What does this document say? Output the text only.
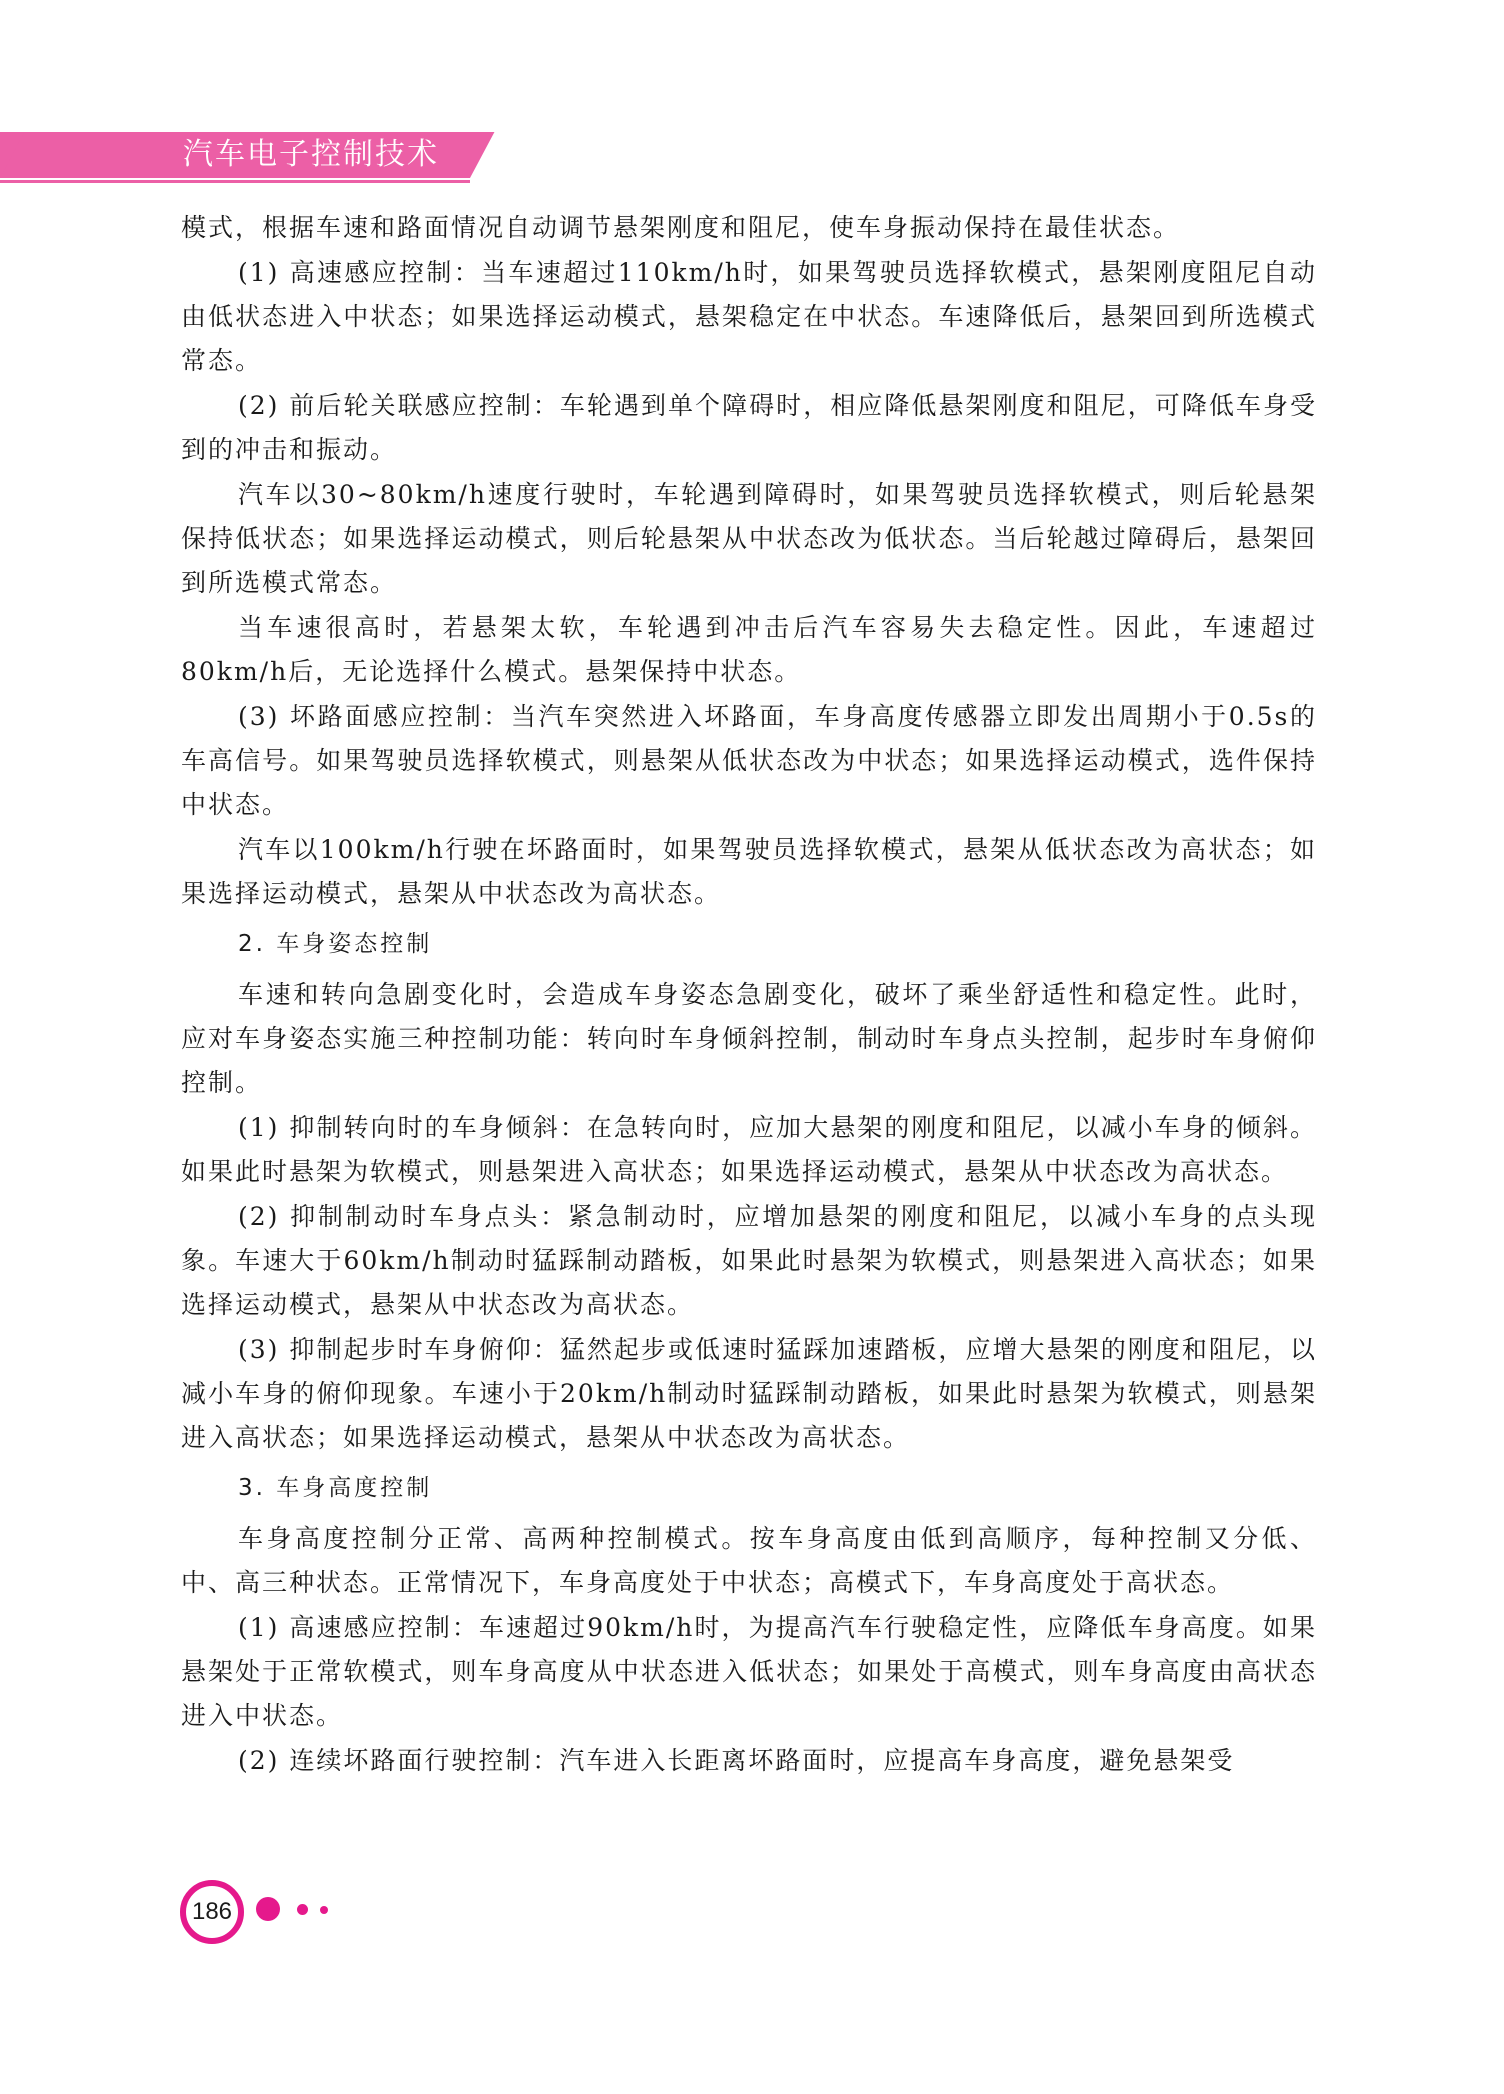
汽车电子控制技术

模式，根据车速和路面情况自动调节悬架刚度和阻尼，使车身振动保持在最佳状态。

(1) 高速感应控制：当车速超过110km/h时，如果驾驶员选择软模式，悬架刚度阻尼自动由低状态进入中状态；如果选择运动模式，悬架稳定在中状态。车速降低后，悬架回到所选模式常态。

(2) 前后轮关联感应控制：车轮遇到单个障碍时，相应降低悬架刚度和阻尼，可降低车身受到的冲击和振动。

汽车以30~80km/h速度行驶时，车轮遇到障碍时，如果驾驶员选择软模式，则后轮悬架保持低状态；如果选择运动模式，则后轮悬架从中状态改为低状态。当后轮越过障碍后，悬架回到所选模式常态。

当车速很高时，若悬架太软，车轮遇到冲击后汽车容易失去稳定性。因此，车速超过80km/h后，无论选择什么模式。悬架保持中状态。

(3) 坏路面感应控制：当汽车突然进入坏路面，车身高度传感器立即发出周期小于0.5s的车高信号。如果驾驶员选择软模式，则悬架从低状态改为中状态；如果选择运动模式，选件保持中状态。

汽车以100km/h行驶在坏路面时，如果驾驶员选择软模式，悬架从低状态改为高状态；如果选择运动模式，悬架从中状态改为高状态。

2. 车身姿态控制

车速和转向急剧变化时，会造成车身姿态急剧变化，破坏了乘坐舒适性和稳定性。此时，应对车身姿态实施三种控制功能：转向时车身倾斜控制，制动时车身点头控制，起步时车身俯仰控制。

(1) 抑制转向时的车身倾斜：在急转向时，应加大悬架的刚度和阻尼，以减小车身的倾斜。如果此时悬架为软模式，则悬架进入高状态；如果选择运动模式，悬架从中状态改为高状态。

(2) 抑制制动时车身点头：紧急制动时，应增加悬架的刚度和阻尼，以减小车身的点头现象。车速大于60km/h制动时猛踩制动踏板，如果此时悬架为软模式，则悬架进入高状态；如果选择运动模式，悬架从中状态改为高状态。

(3) 抑制起步时车身俯仰：猛然起步或低速时猛踩加速踏板，应增大悬架的刚度和阻尼，以减小车身的俯仰现象。车速小于20km/h制动时猛踩制动踏板，如果此时悬架为软模式，则悬架进入高状态；如果选择运动模式，悬架从中状态改为高状态。

3. 车身高度控制

车身高度控制分正常、高两种控制模式。按车身高度由低到高顺序，每种控制又分低、中、高三种状态。正常情况下，车身高度处于中状态；高模式下，车身高度处于高状态。

(1) 高速感应控制：车速超过90km/h时，为提高汽车行驶稳定性，应降低车身高度。如果悬架处于正常软模式，则车身高度从中状态进入低状态；如果处于高模式，则车身高度由高状态进入中状态。

(2) 连续坏路面行驶控制：汽车进入长距离坏路面时，应提高车身高度，避免悬架受

186
